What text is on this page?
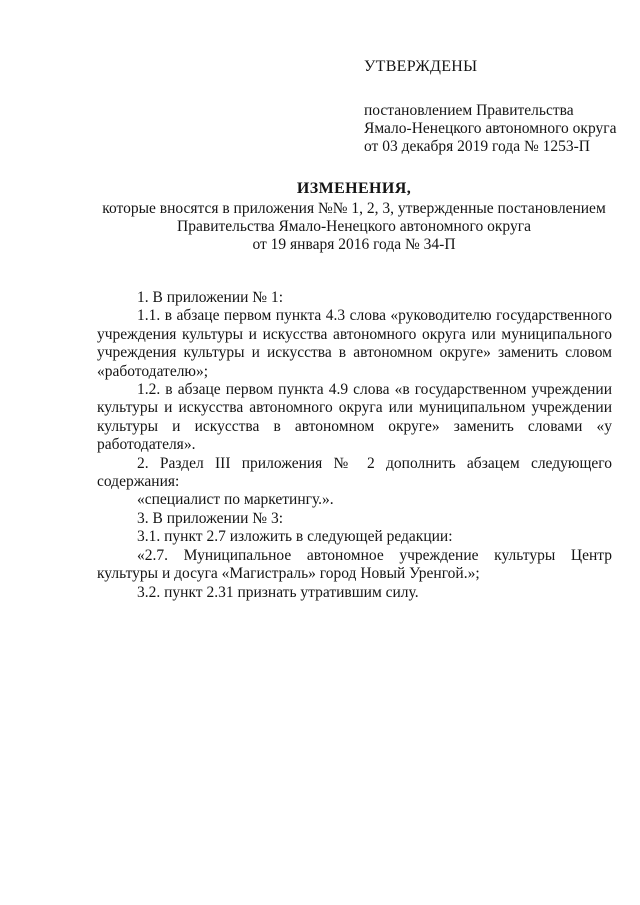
УТВЕРЖДЕНЫ
постановлением Правительства
Ямало-Ненецкого автономного округа
от 03 декабря 2019 года № 1253-П
ИЗМЕНЕНИЯ,
которые вносятся в приложения №№ 1, 2, 3, утвержденные постановлением
Правительства Ямало-Ненецкого автономного округа
от 19 января 2016 года № 34-П

1. В приложении № 1:

1.1. в абзаце первом пункта 4.3 слова «руководителю государственного учреждения культуры и искусства автономного округа или муниципального учреждения культуры и искусства в автономном округе» заменить словом «работодателю»;

1.2. в абзаце первом пункта 4.9 слова «в государственном учреждении культуры и искусства автономного округа или муниципальном учреждении культуры и искусства в автономном округе» заменить словами «у работодателя».

2. Раздел III приложения № 2 дополнить абзацем следующего содержания:

«специалист по маркетингу.».

3. В приложении № 3:

3.1. пункт 2.7 изложить в следующей редакции:

«2.7. Муниципальное автономное учреждение культуры Центр культуры и досуга «Магистраль» город Новый Уренгой.»;

3.2. пункт 2.31 признать утратившим силу.
